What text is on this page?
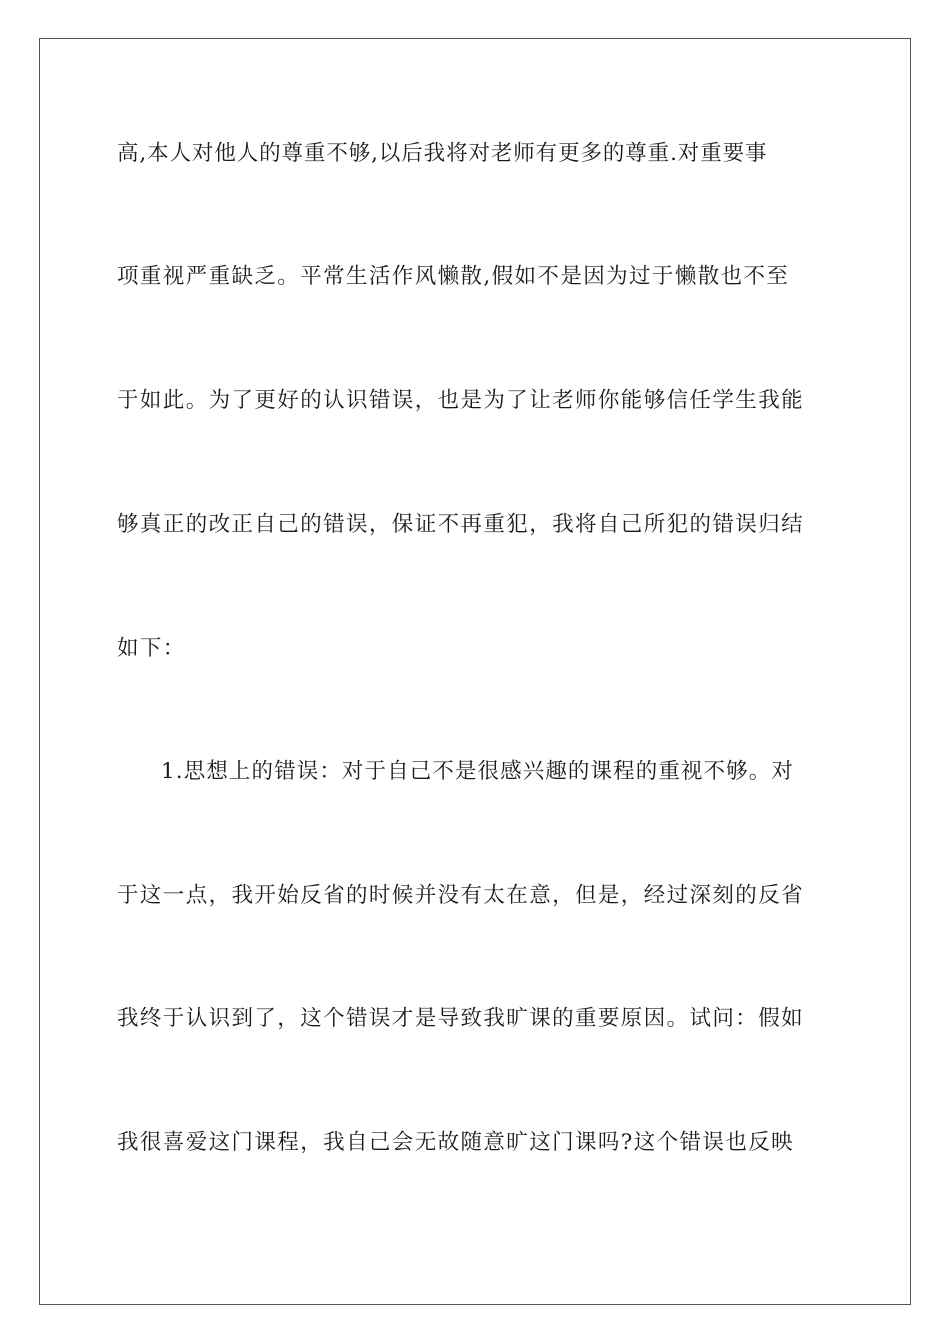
高,本人对他人的尊重不够,以后我将对老师有更多的尊重.对重要事
项重视严重缺乏。平常生活作风懒散,假如不是因为过于懒散也不至
于如此。为了更好的认识错误，也是为了让老师你能够信任学生我能
够真正的改正自己的错误，保证不再重犯，我将自己所犯的错误归结
如下：
1.思想上的错误：对于自己不是很感兴趣的课程的重视不够。对
于这一点，我开始反省的时候并没有太在意，但是，经过深刻的反省
我终于认识到了，这个错误才是导致我旷课的重要原因。试问：假如
我很喜爱这门课程，我自己会无故随意旷这门课吗?这个错误也反映
